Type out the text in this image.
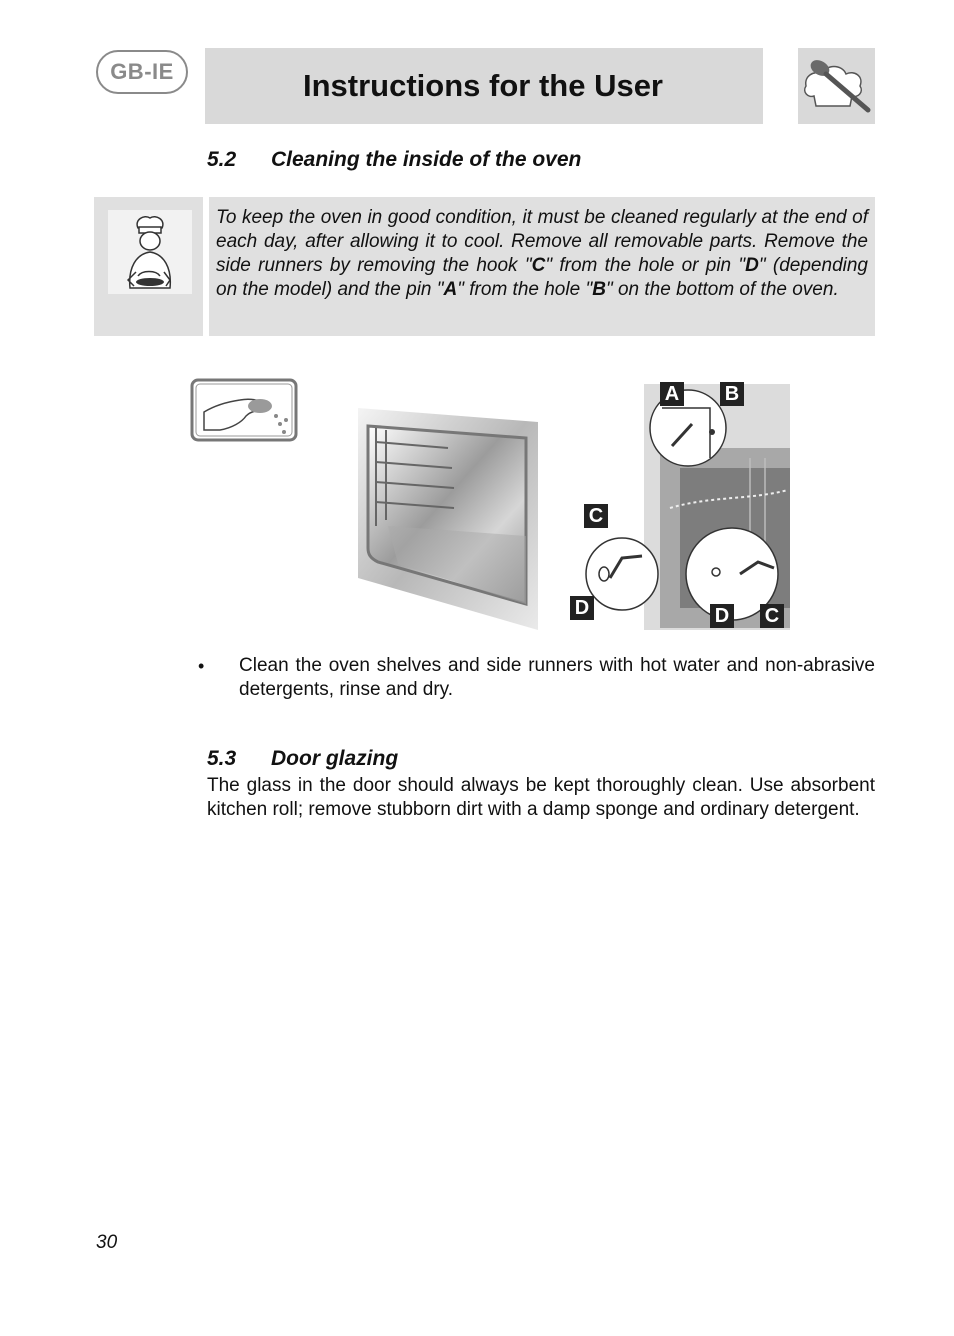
GB-IE	Instructions for the User
5.2 Cleaning the inside of the oven
To keep the oven in good condition, it must be cleaned regularly at the end of each day, after allowing it to cool. Remove all removable parts. Remove the side runners by removing the hook "C" from the hole or pin "D" (depending on the model) and the pin "A" from the hole "B" on the bottom of the oven.
A B
C
D	D C
• Clean the oven shelves and side runners with hot water and non-abrasive detergents, rinse and dry.
5.3 Door glazing
The glass in the door should always be kept thoroughly clean. Use absorbent kitchen roll; remove stubborn dirt with a damp sponge and ordinary detergent.
30
